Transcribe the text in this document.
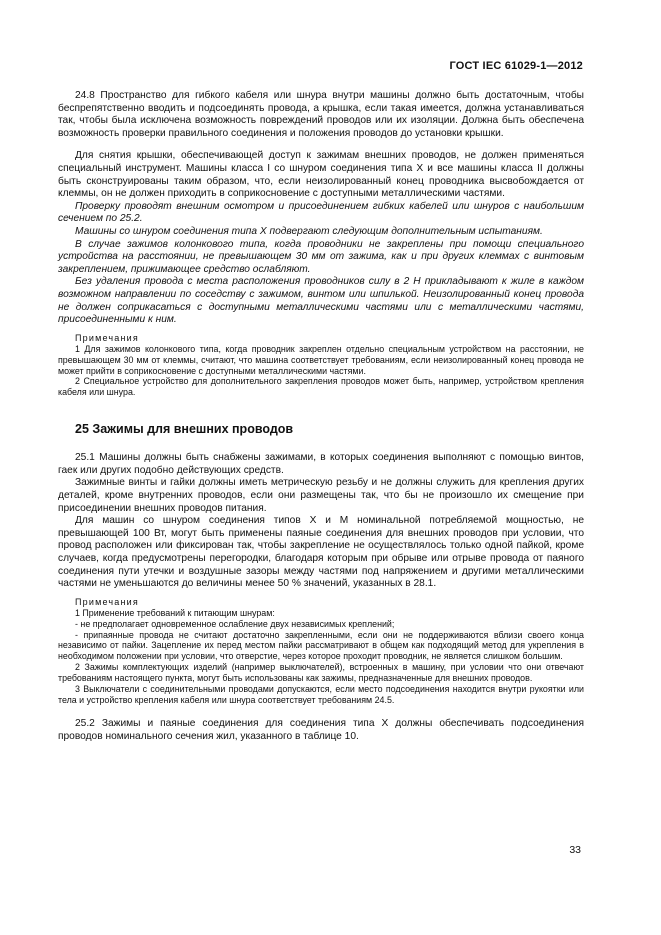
ГОСТ IEC 61029-1—2012

24.8 Пространство для гибкого кабеля или шнура внутри машины должно быть достаточным, чтобы беспрепятственно вводить и подсоединять провода, а крышка, если такая имеется, должна устанавливаться так, чтобы была исключена возможность повреждений проводов или их изоляции. Должна быть обеспечена возможность проверки правильного соединения и положения проводов до установки крышки.

Для снятия крышки, обеспечивающей доступ к зажимам внешних проводов, не должен применяться специальный инструмент. Машины класса I со шнуром соединения типа X и все машины класса II должны быть сконструированы таким образом, что, если неизолированный конец проводника высвобождается от клеммы, он не должен приходить в соприкосновение с доступными металлическими частями.

Проверку проводят внешним осмотром и присоединением гибких кабелей или шнуров с наибольшим сечением по 25.2.

Машины со шнуром соединения типа X подвергают следующим дополнительным испытаниям.

В случае зажимов колонкового типа, когда проводники не закреплены при помощи специального устройства на расстоянии, не превышающем 30 мм от зажима, как и при других клеммах с винтовым закреплением, прижимающее средство ослабляют.

Без удаления провода с места расположения проводников силу в 2 Н прикладывают к жиле в каждом возможном направлении по соседству с зажимом, винтом или шпилькой. Неизолированный конец провода не должен соприкасаться с доступными металлическими частями или с металлическими частями, присоединенными к ним.

Примечания

1 Для зажимов колонкового типа, когда проводник закреплен отдельно специальным устройством на расстоянии, не превышающем 30 мм от клеммы, считают, что машина соответствует требованиям, если неизолированный конец провода не может прийти в соприкосновение с доступными металлическими частями.

2 Специальное устройство для дополнительного закрепления проводов может быть, например, устройством крепления кабеля или шнура.

25 Зажимы для внешних проводов

25.1 Машины должны быть снабжены зажимами, в которых соединения выполняют с помощью винтов, гаек или других подобно действующих средств.

Зажимные винты и гайки должны иметь метрическую резьбу и не должны служить для крепления других деталей, кроме внутренних проводов, если они размещены так, что бы не произошло их смещение при присоединении внешних проводов питания.

Для машин со шнуром соединения типов X и M номинальной потребляемой мощностью, не превышающей 100 Вт, могут быть применены паяные соединения для внешних проводов при условии, что провод расположен или фиксирован так, чтобы закрепление не осуществлялось только одной пайкой, кроме случаев, когда предусмотрены перегородки, благодаря которым при обрыве или отрыве провода от паяного соединения пути утечки и воздушные зазоры между частями под напряжением и другими металлическими частями не уменьшаются до величины менее 50 % значений, указанных в 28.1.

Примечания

1 Применение требований к питающим шнурам:

- не предполагает одновременное ослабление двух независимых креплений;

- припаянные провода не считают достаточно закрепленными, если они не поддерживаются вблизи своего конца независимо от пайки. Зацепление их перед местом пайки рассматривают в общем как подходящий метод для укрепления в необходимом положении при условии, что отверстие, через которое проходит проводник, не является слишком большим.

2 Зажимы комплектующих изделий (например выключателей), встроенных в машину, при условии что они отвечают требованиям настоящего пункта, могут быть использованы как зажимы, предназначенные для внешних проводов.

3 Выключатели с соединительными проводами допускаются, если место подсоединения находится внутри рукоятки или тела и устройство крепления кабеля или шнура соответствует требованиям 24.5.

25.2 Зажимы и паяные соединения для соединения типа X должны обеспечивать подсоединения проводов номинального сечения жил, указанного в таблице 10.

33
